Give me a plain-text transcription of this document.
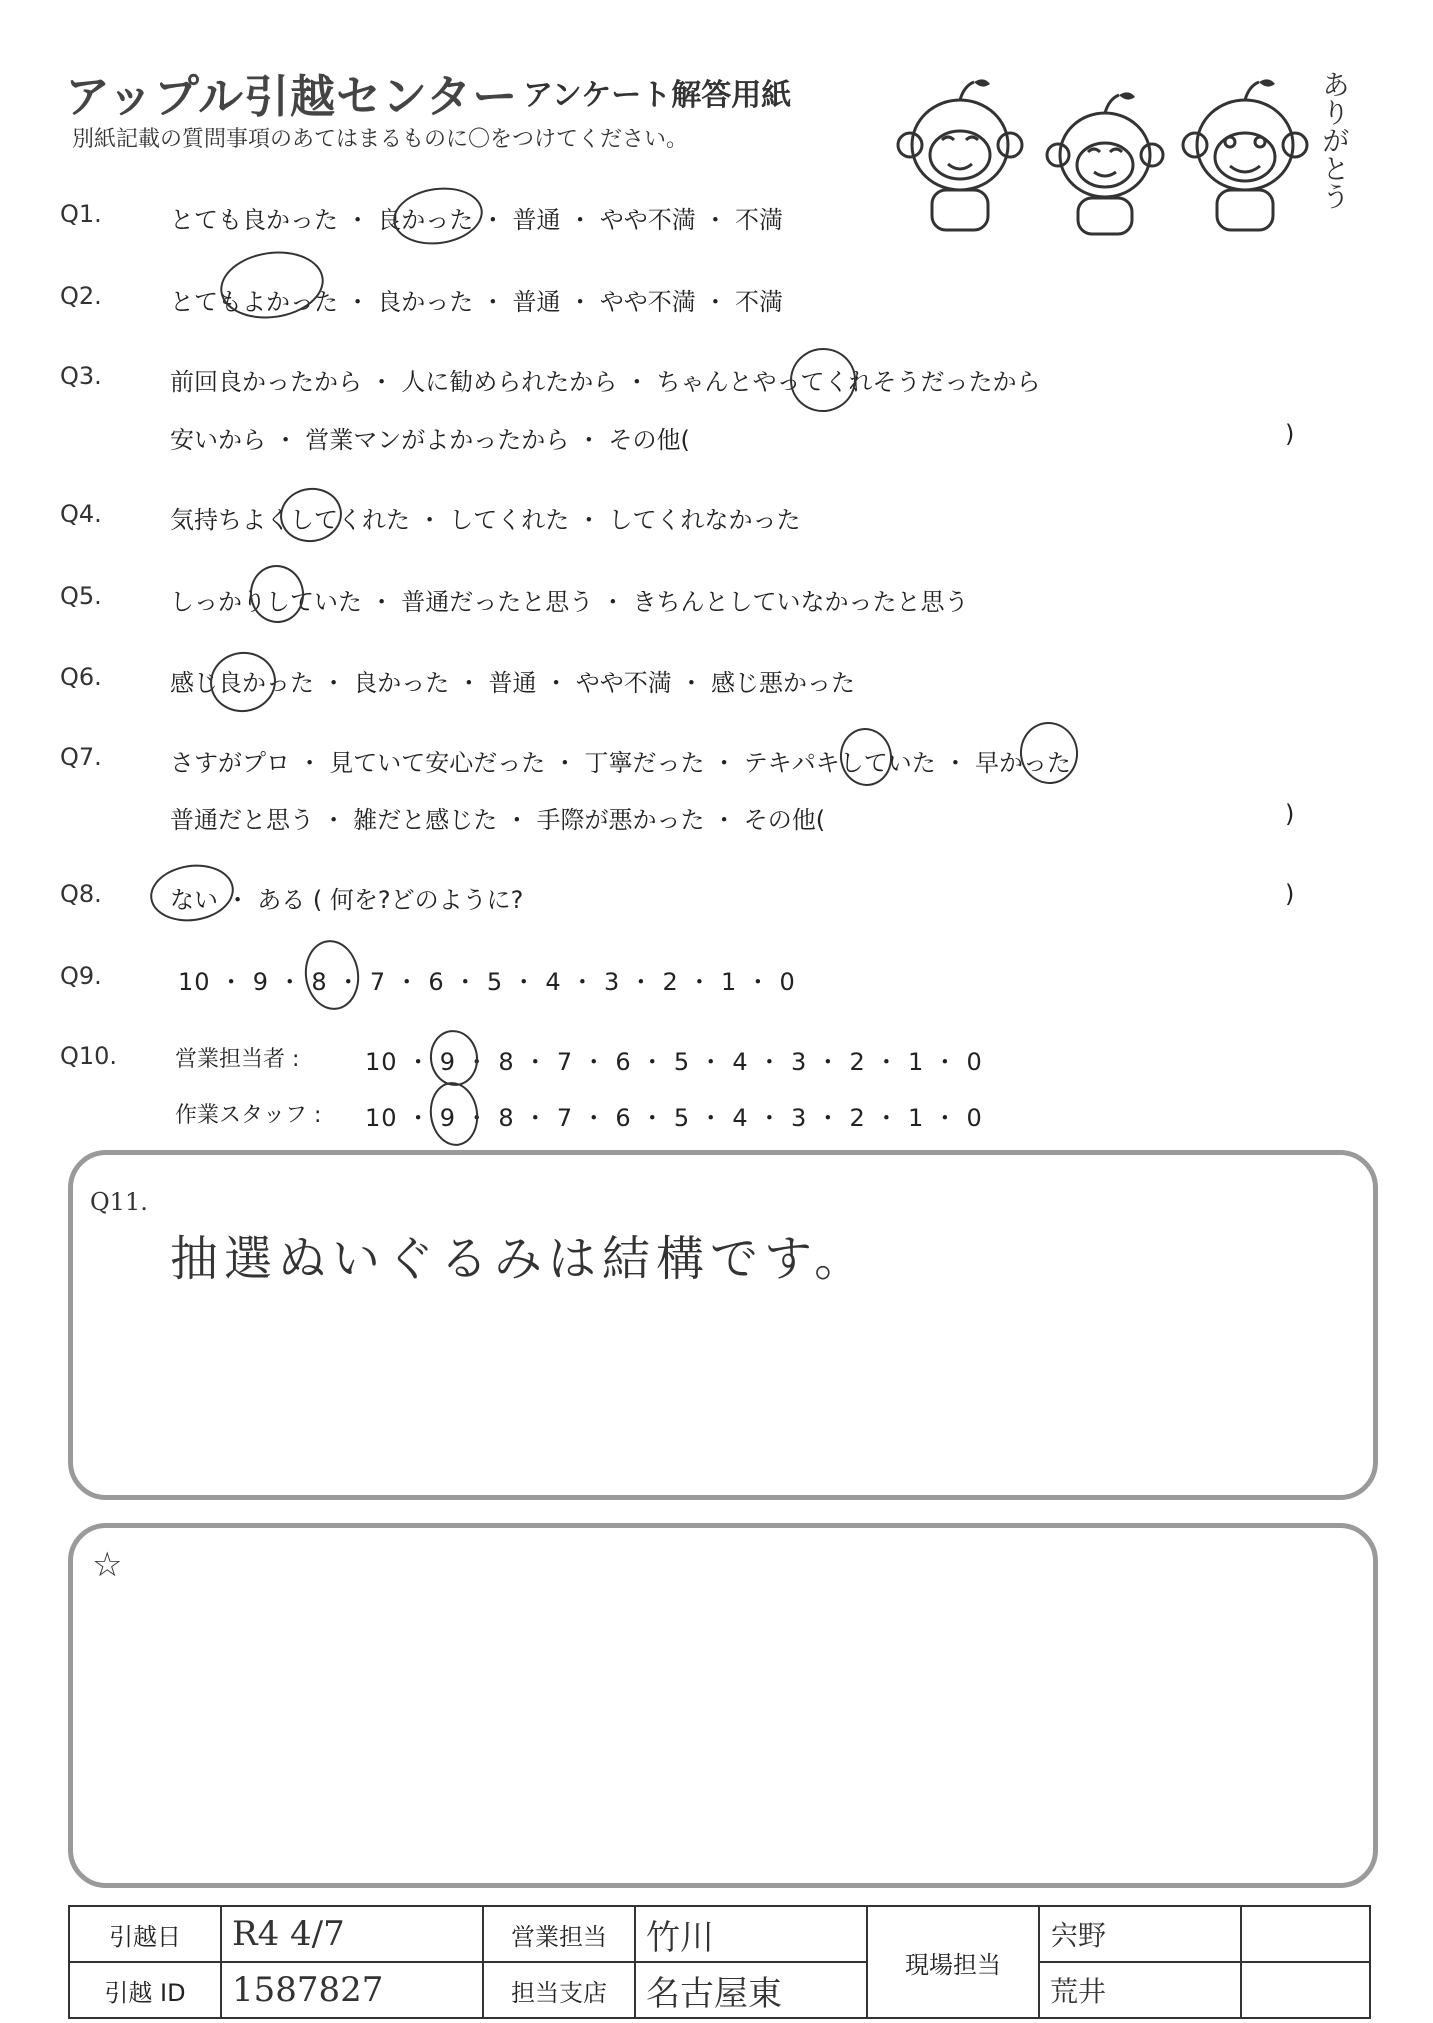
アップル引越センター アンケート解答用紙
別紙記載の質問事項のあてはまるものに〇をつけてください。	ありがとう
Q1.	とても良かった ・ 良かった ・ 普通 ・ やや不満 ・ 不満
Q2.	とてもよかった ・ 良かった ・ 普通 ・ やや不満 ・ 不満
Q3.	前回良かったから ・ 人に勧められたから ・ ちゃんとやってくれそうだったから
安いから ・ 営業マンがよかったから ・ その他(	)
Q4.	気持ちよくしてくれた ・ してくれた ・ してくれなかった
Q5.	しっかりしていた ・ 普通だったと思う ・ きちんとしていなかったと思う
Q6.	感じ良かった ・ 良かった ・ 普通 ・ やや不満 ・ 感じ悪かった
Q7.	さすがプロ ・ 見ていて安心だった ・ 丁寧だった ・ テキパキしていた ・ 早かった
普通だと思う ・ 雑だと感じた ・ 手際が悪かった ・ その他(	)
Q8.	ない ・ ある ( 何を?どのように?	)
Q9.	10 ・ 9 ・ 8 ・ 7 ・ 6 ・ 5 ・ 4 ・ 3 ・ 2 ・ 1 ・ 0
Q10.	営業担当者 :	10 ・ 9 ・ 8 ・ 7 ・ 6 ・ 5 ・ 4 ・ 3 ・ 2 ・ 1 ・ 0
作業スタッフ : 10 ・ 9 ・ 8 ・ 7 ・ 6 ・ 5 ・ 4 ・ 3 ・ 2 ・ 1 ・ 0
Q11.
抽選ぬいぐるみは結構です。
☆
引越日	R4 4/7	営業担当	竹川	現場担当	宍野	
引越 ID	1587827	担当支店	名古屋東		荒井	
